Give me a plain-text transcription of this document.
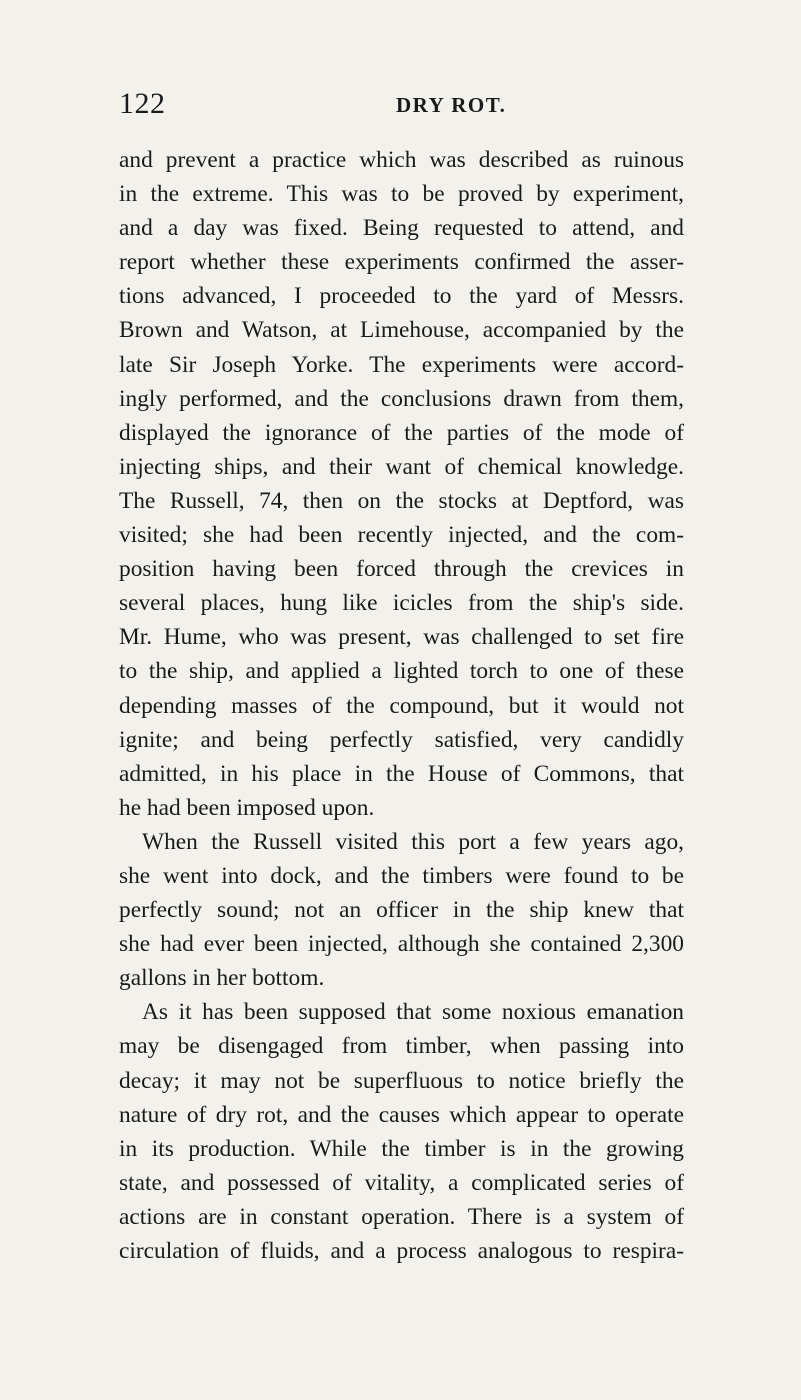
122	DRY ROT.
and prevent a practice which was described as ruinous
in the extreme. This was to be proved by experiment,
and a day was fixed. Being requested to attend, and
report whether these experiments confirmed the asser-
tions advanced, I proceeded to the yard of Messrs.
Brown and Watson, at Limehouse, accompanied by the
late Sir Joseph Yorke. The experiments were accord-
ingly performed, and the conclusions drawn from them,
displayed the ignorance of the parties of the mode of
injecting ships, and their want of chemical knowledge.
The Russell, 74, then on the stocks at Deptford, was
visited; she had been recently injected, and the com-
position having been forced through the crevices in
several places, hung like icicles from the ship's side.
Mr. Hume, who was present, was challenged to set fire
to the ship, and applied a lighted torch to one of these
depending masses of the compound, but it would not
ignite; and being perfectly satisfied, very candidly
admitted, in his place in the House of Commons, that
he had been imposed upon.
When the Russell visited this port a few years ago,
she went into dock, and the timbers were found to be
perfectly sound; not an officer in the ship knew that
she had ever been injected, although she contained 2,300
gallons in her bottom.
As it has been supposed that some noxious emanation
may be disengaged from timber, when passing into
decay; it may not be superfluous to notice briefly the
nature of dry rot, and the causes which appear to operate
in its production. While the timber is in the growing
state, and possessed of vitality, a complicated series of
actions are in constant operation. There is a system of
circulation of fluids, and a process analogous to respira-
